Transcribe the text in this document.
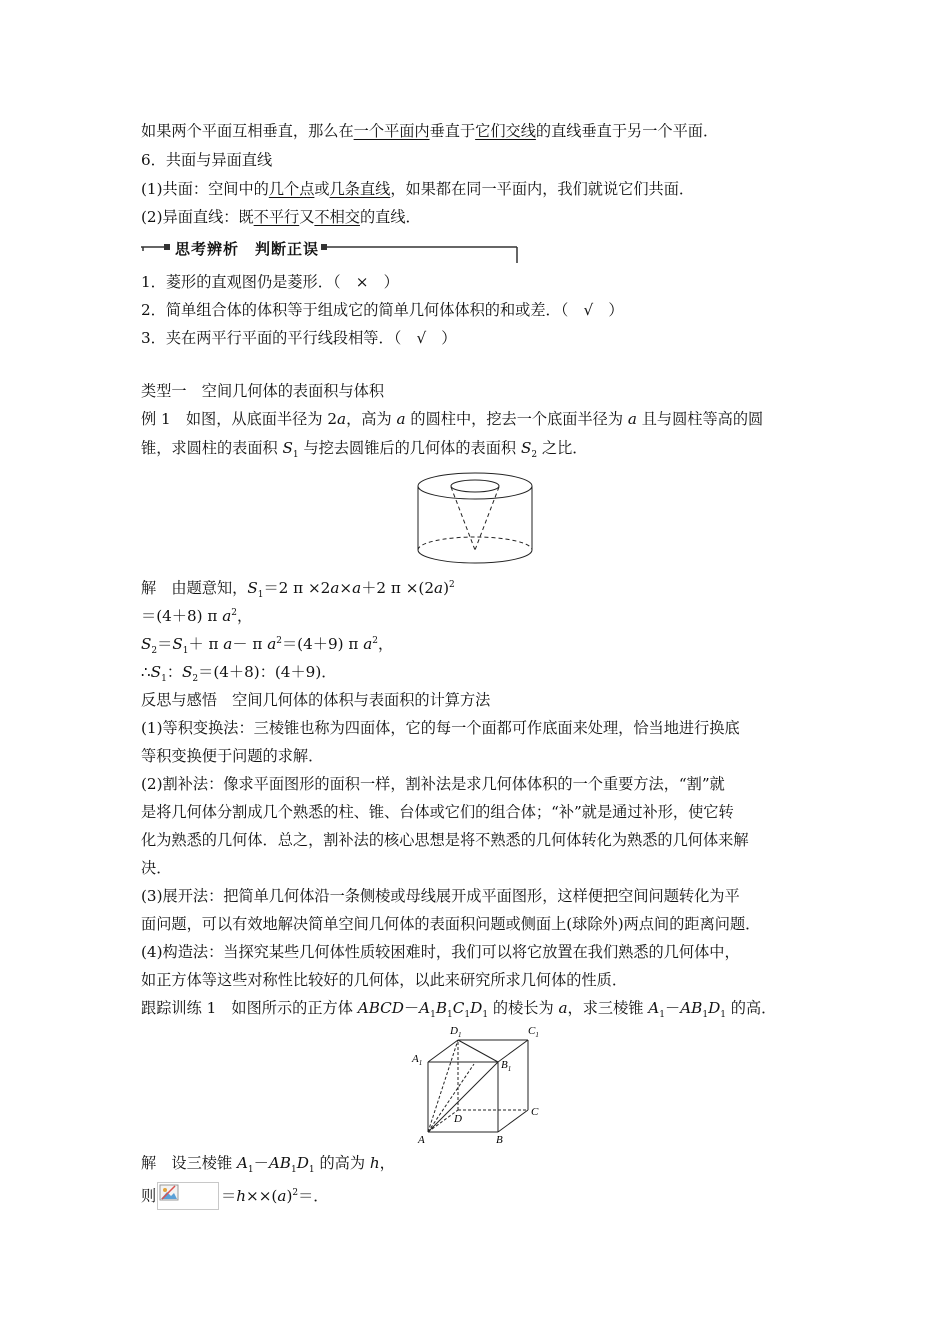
如果两个平面互相垂直，那么在一个平面内垂直于它们交线的直线垂直于另一个平面．
6．共面与异面直线
(1)共面：空间中的几个点或几条直线，如果都在同一平面内，我们就说它们共面．
(2)异面直线：既不平行又不相交的直线．
思考辨析　判断正误
1．菱形的直观图仍是菱形．（　×　）
2．简单组合体的体积等于组成它的简单几何体体积的和或差．（　√　）
3．夹在两平行平面的平行线段相等．（　√　）
类型一　空间几何体的表面积与体积
例 1　如图，从底面半径为 2a，高为 a 的圆柱中，挖去一个底面半径为 a 且与圆柱等高的圆
锥，求圆柱的表面积 $S_1$ 与挖去圆锥后的几何体的表面积 $S_2$ 之比．
解　由题意知，$S_1=2$ π ×2a×a＋2 $\pi \times(2a)^2$
＝(4＋8) π $a^2$，
$S_2=S_1+ \pi$ a－ π $a^2=(4+9)$ π $a^2$，
$\therefore S_1$：$S_2=(4+8)$：(4＋9)．
反思与感悟　空间几何体的体积与表面积的计算方法
(1)等积变换法：三棱锥也称为四面体，它的每一个面都可作底面来处理，恰当地进行换底
等积变换便于问题的求解．
(2)割补法：像求平面图形的面积一样，割补法是求几何体体积的一个重要方法，“割”就
是将几何体分割成几个熟悉的柱、锥、台体或它们的组合体；“补”就是通过补形，使它转
化为熟悉的几何体．总之，割补法的核心思想是将不熟悉的几何体转化为熟悉的几何体来解
决．
(3)展开法：把简单几何体沿一条侧棱或母线展开成平面图形，这样便把空间问题转化为平
面问题，可以有效地解决简单空间几何体的表面积问题或侧面上(球除外)两点间的距离问题．
(4)构造法：当探究某些几何体性质较困难时，我们可以将它放置在我们熟悉的几何体中，
如正方体等这些对称性比较好的几何体，以此来研究所求几何体的性质．
跟踪训练 1　如图所示的正方体 $ABCD-A_1B_1C_1D_1$ 的棱长为 a，求三棱锥 $A_1-AB_1D_1$ 的高．
A	B
C
D
$A_1$	$B_1$
$C_1$
$D_1$
解　设三棱锥 $A_1-AB_1D_1$ 的高为 h，
则	$=h\times\times(a)^2=$．
